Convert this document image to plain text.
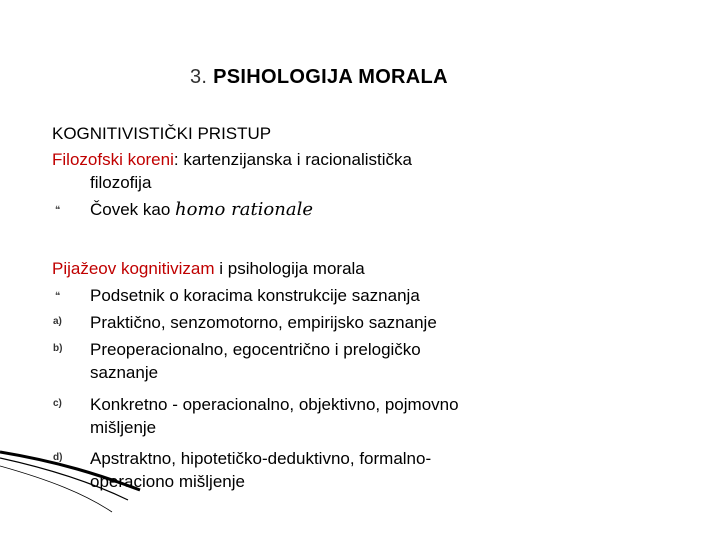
3. PSIHOLOGIJA MORALA
KOGNITIVISTIČKI PRISTUP
Filozofski koreni: kartenzijanska i racionalistička
filozofija
❝ Čovek kao homo rationale
Pijažeov kognitivizam i psihologija morala
❝ Podsetnik o koracima konstrukcije saznanja
a) Praktično, senzomotorno, empirijsko saznanje
b) Preoperacionalno, egocentrično i prelogičko
saznanje
c) Konkretno - operacionalno, objektivno, pojmovno
mišljenje
d) Apstraktno, hipotetičko-deduktivno, formalno-
operaciono mišljenje
